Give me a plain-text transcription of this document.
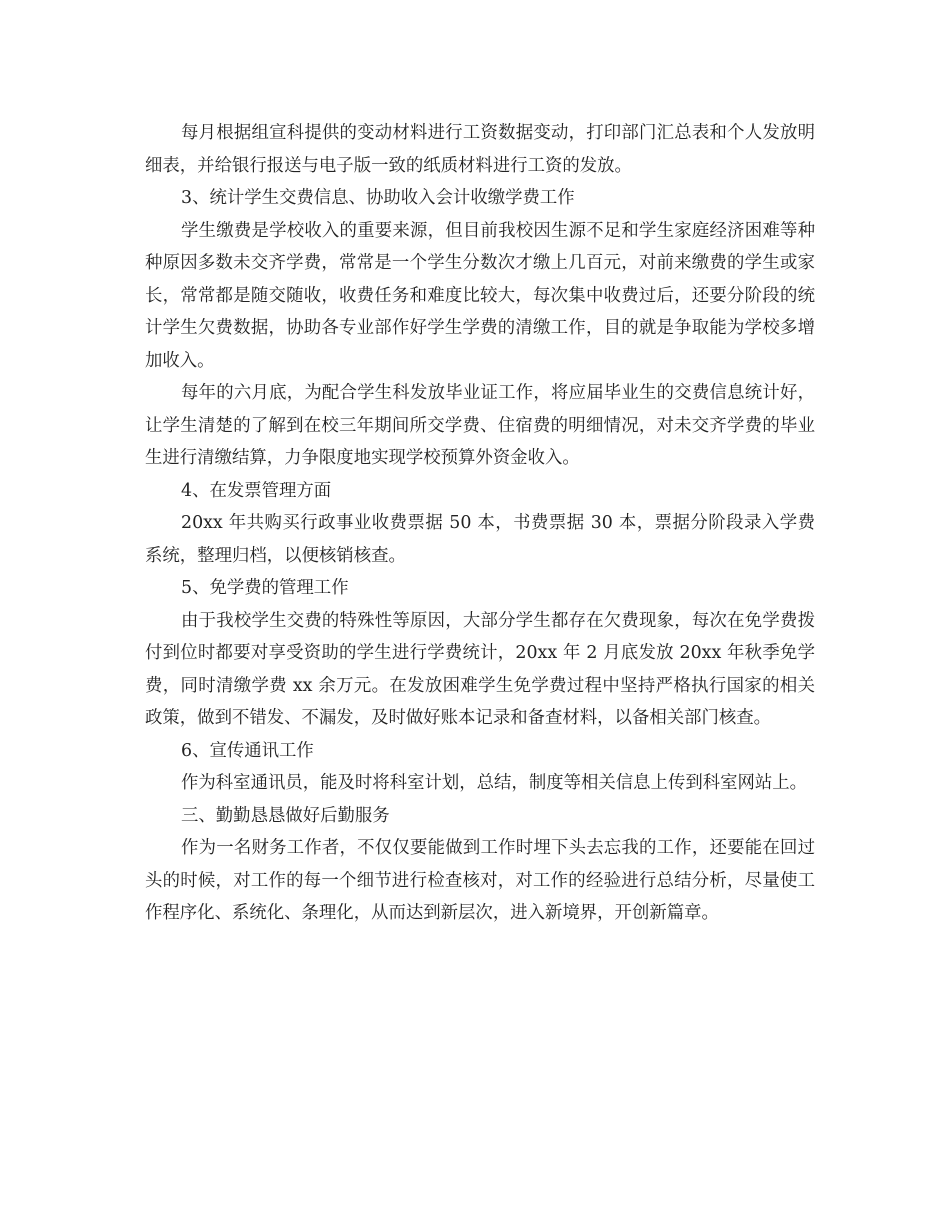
每月根据组宣科提供的变动材料进行工资数据变动，打印部门汇总表和个人发放明细表，并给银行报送与电子版一致的纸质材料进行工资的发放。

3、统计学生交费信息、协助收入会计收缴学费工作

学生缴费是学校收入的重要来源，但目前我校因生源不足和学生家庭经济困难等种种原因多数未交齐学费，常常是一个学生分数次才缴上几百元，对前来缴费的学生或家长，常常都是随交随收，收费任务和难度比较大，每次集中收费过后，还要分阶段的统计学生欠费数据，协助各专业部作好学生学费的清缴工作，目的就是争取能为学校多增加收入。

每年的六月底，为配合学生科发放毕业证工作，将应届毕业生的交费信息统计好，让学生清楚的了解到在校三年期间所交学费、住宿费的明细情况，对未交齐学费的毕业生进行清缴结算，力争限度地实现学校预算外资金收入。

4、在发票管理方面

20xx 年共购买行政事业收费票据 50 本，书费票据 30 本，票据分阶段录入学费系统，整理归档，以便核销核查。

5、免学费的管理工作

由于我校学生交费的特殊性等原因，大部分学生都存在欠费现象，每次在免学费拨付到位时都要对享受资助的学生进行学费统计，20xx 年 2 月底发放 20xx 年秋季免学费，同时清缴学费 xx 余万元。在发放困难学生免学费过程中坚持严格执行国家的相关政策，做到不错发、不漏发，及时做好账本记录和备查材料，以备相关部门核查。

6、宣传通讯工作

作为科室通讯员，能及时将科室计划，总结，制度等相关信息上传到科室网站上。

三、勤勤恳恳做好后勤服务

作为一名财务工作者，不仅仅要能做到工作时埋下头去忘我的工作，还要能在回过头的时候，对工作的每一个细节进行检查核对，对工作的经验进行总结分析，尽量使工作程序化、系统化、条理化，从而达到新层次，进入新境界，开创新篇章。
